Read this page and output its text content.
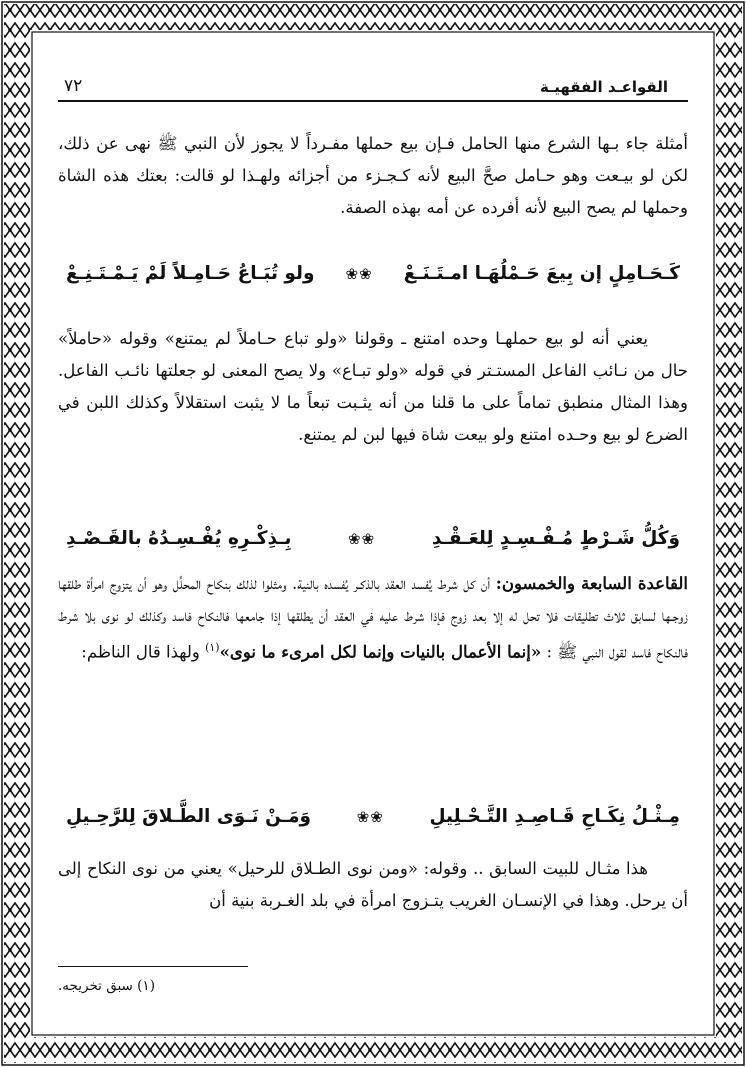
القواعـد الفقهيـة
٧٢
أمثلة جاء بـها الشرع منها الحامل فـإن بيع حملها مفـرداً لا يجوز لأن النبي ﷺ نهى عن ذلك، لكن لو بيـعت وهو حـامل صحَّ البيع لأنه كـجـزء من أجزائه ولهـذا لو قالت: بعتك هذه الشاة وحملها لم يصح البيع لأنه أفرده عن أمه بهذه الصفة.
كَـحَـامِلٍ إن بِيعَ حَـمْلُهَـا امـتَـنَـعْ
❀❀
ولو تُبَـاعُ حَـامِـلاً لَمْ يَـمْـتَـنِـعْ
يعني أنه لو بيع حملهـا وحده امتنع ـ وقولنا «ولو تباع حـاملاً لم يمتنع» وقوله «حاملاً» حال من نـائب الفاعل المستـتر في قوله «ولو تبـاع» ولا يصح المعنى لو جعلتها نائـب الفاعل. وهذا المثال منطبق تماماً على ما قلنا من أنه يثـبت تبعاً ما لا يثبت استقلالاً وكذلك اللبن في الضرع لو بيع وحـده امتنع ولو بيعت شاة فيها لبن لم يمتنع.
وَكُلُّ شَـرْطٍ مُـفْـسِـدٍ لِلعَـقْـدِ
❀❀
بِـذِكْـرِهِ يُفْـسِـدُهُ بالقَـصْـدِ
القاعدة السابعة والخمسون: أن كل شرط يُفسد العقد بالذكـر يُفسده بالنية. ومثلوا لذلك بنكاح المحلِّل وهو أن يتزوج امرأة طلقها زوجـها لسابق ثلاث تطليقات فلا تحل له إلا بعد زوج فإذا شرط عليه في العقد أن يطلقها إذا جامعها فالنكاح فاسد وكذلك لو نوى بلا شرط فالنكاح فاسد لقول النبي ﷺ : «إنما الأعمال بالنيات وإنما لكل امرىء ما نوى»$^{(١)}$ ولهذا قال الناظم:
مِـثْـلُ نِكَـاحِ قَـاصِـدِ التَّـحْـلِيلِ
❀❀
وَمَـنْ نَـوَى الطَّـلاقَ لِلرَّحِـيلِ
هذا مثـال للبيت السابق .. وقوله: «ومن نوى الطـلاق للرحيل» يعني من نوى النكاح إلى أن يرحل. وهذا في الإنسـان الغريب يتـزوج امرأة في بلد الغـربة بنية أن
(١) سبق تخريجه.
